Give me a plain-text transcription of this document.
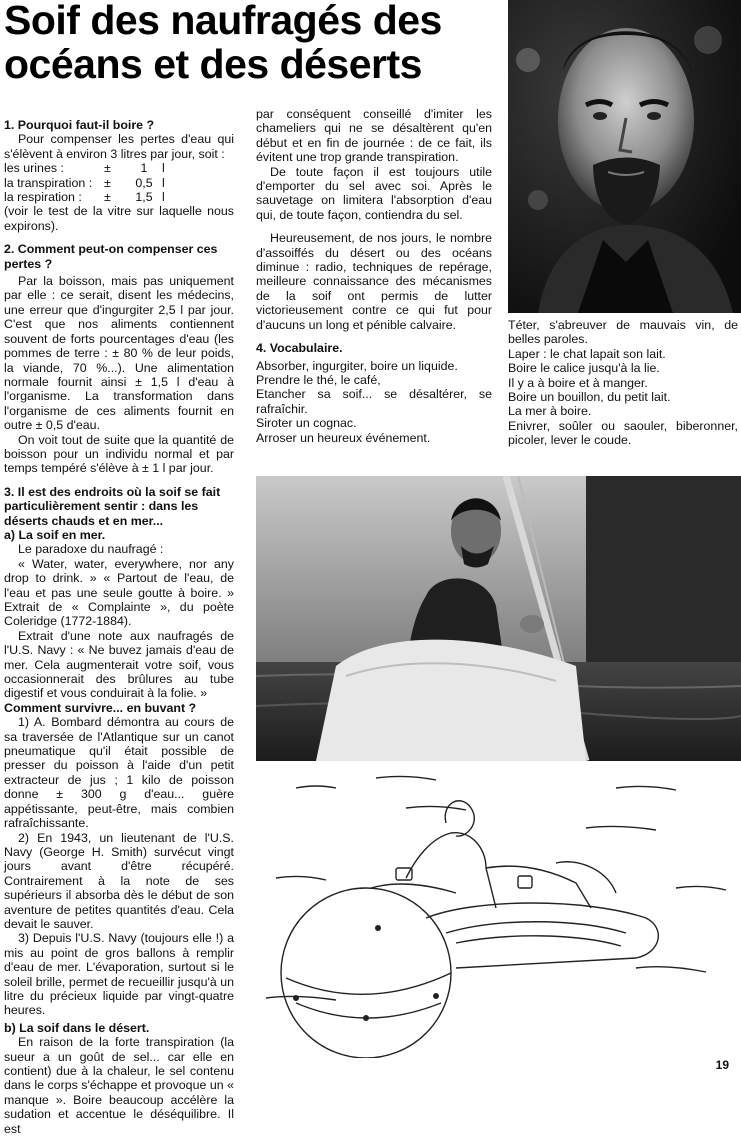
Soif des naufragés des océans et des déserts
1. Pourquoi faut-il boire ?

Pour compenser les pertes d'eau qui s'élèvent à environ 3 litres par jour, soit :

les urines :	±	1	l
la transpiration :	±	0,5	l
la respiration :	±	1,5	l

(voir le test de la vitre sur laquelle nous expirons).

2. Comment peut-on compenser ces pertes ?

Par la boisson, mais pas uniquement par elle : ce serait, disent les médecins, une erreur que d'ingurgiter 2,5 l par jour. C'est que nos aliments contiennent souvent de forts pourcentages d'eau (les pommes de terre : ± 80 % de leur poids, la viande, 70 %...). Une alimentation normale fournit ainsi ± 1,5 l d'eau à l'organisme. La transformation dans l'organisme de ces aliments fournit en outre ± 0,5 d'eau.

On voit tout de suite que la quantité de boisson pour un individu normal et par temps tempéré s'élève à ± 1 l par jour.

3. Il est des endroits où la soif se fait particulièrement sentir : dans les déserts chauds et en mer...
a) La soif en mer.

Le paradoxe du naufragé :

« Water, water, everywhere, nor any drop to drink. » « Partout de l'eau, de l'eau et pas une seule goutte à boire. » Extrait de « Complainte », du poète Coleridge (1772-1884).

Extrait d'une note aux naufragés de l'U.S. Navy : « Ne buvez jamais d'eau de mer. Cela augmenterait votre soif, vous occasionnerait des brûlures au tube digestif et vous conduirait à la folie. »

Comment survivre... en buvant ?

1) A. Bombard démontra au cours de sa traversée de l'Atlantique sur un canot pneumatique qu'il était possible de presser du poisson à l'aide d'un petit extracteur de jus ; 1 kilo de poisson donne ± 300 g d'eau... guère appétissante, peut-être, mais combien rafraîchissante.

2) En 1943, un lieutenant de l'U.S. Navy (George H. Smith) survécut vingt jours avant d'être récupéré. Contrairement à la note de ses supérieurs il absorba dès le début de son aventure de petites quantités d'eau. Cela devait le sauver.

3) Depuis l'U.S. Navy (toujours elle !) a mis au point de gros ballons à remplir d'eau de mer. L'évaporation, surtout si le soleil brille, permet de recueillir jusqu'à un litre du précieux liquide par vingt-quatre heures.

b) La soif dans le désert.

En raison de la forte transpiration (la sueur a un goût de sel... car elle en contient) due à la chaleur, le sel contenu dans le corps s'échappe et provoque un « manque ». Boire beaucoup accélère la sudation et accentue le déséquilibre. Il est

par conséquent conseillé d'imiter les chameliers qui ne se désaltèrent qu'en début et en fin de journée : de ce fait, ils évitent une trop grande transpiration.

De toute façon il est toujours utile d'emporter du sel avec soi. Après le sauvetage on limitera l'absorption d'eau qui, de toute façon, contiendra du sel.

Heureusement, de nos jours, le nombre d'assoiffés du désert ou des océans diminue : radio, techniques de repérage, meilleure connaissance des mécanismes de la soif ont permis de lutter victorieusement contre ce qui fut pour d'aucuns un long et pénible calvaire.

4. Vocabulaire.

Absorber, ingurgiter, boire un liquide.

Prendre le thé, le café,

Etancher sa soif... se désaltérer, se rafraîchir.

Siroter un cognac.

Arroser un heureux événement.

Téter, s'abreuver de mauvais vin, de belles paroles.

Laper : le chat lapait son lait.

Boire le calice jusqu'à la lie.

Il y a à boire et à manger.

Boire un bouillon, du petit lait.

La mer à boire.

Enivrer, soûler ou saouler, biberonner, picoler, lever le coude.

19
